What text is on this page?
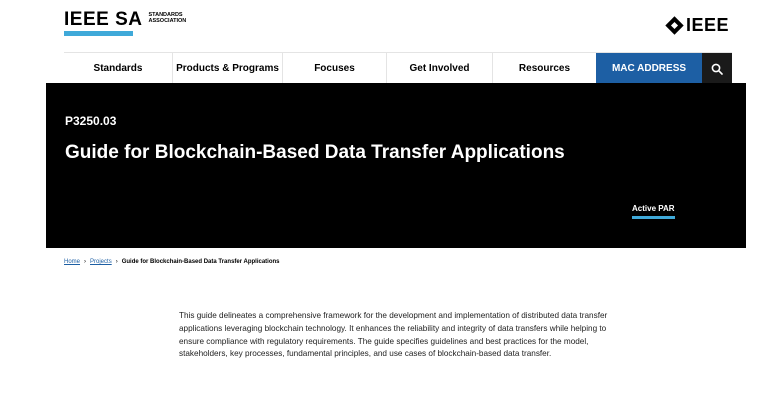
IEEE SA STANDARDS
ASSOCIATION	IEEE
Standards	Products & Programs	Focuses	Get Involved	Resources	MAC ADDRESS
P3250.03
Guide for Blockchain-Based Data Transfer Applications
Active PAR
Home › Projects › Guide for Blockchain-Based Data Transfer Applications

This guide delineates a comprehensive framework for the development and implementation of distributed data transfer applications leveraging blockchain technology. It enhances the reliability and integrity of data transfers while helping to ensure compliance with regulatory requirements. The guide specifies guidelines and best practices for the model, stakeholders, key processes, fundamental principles, and use cases of blockchain-based data transfer.
